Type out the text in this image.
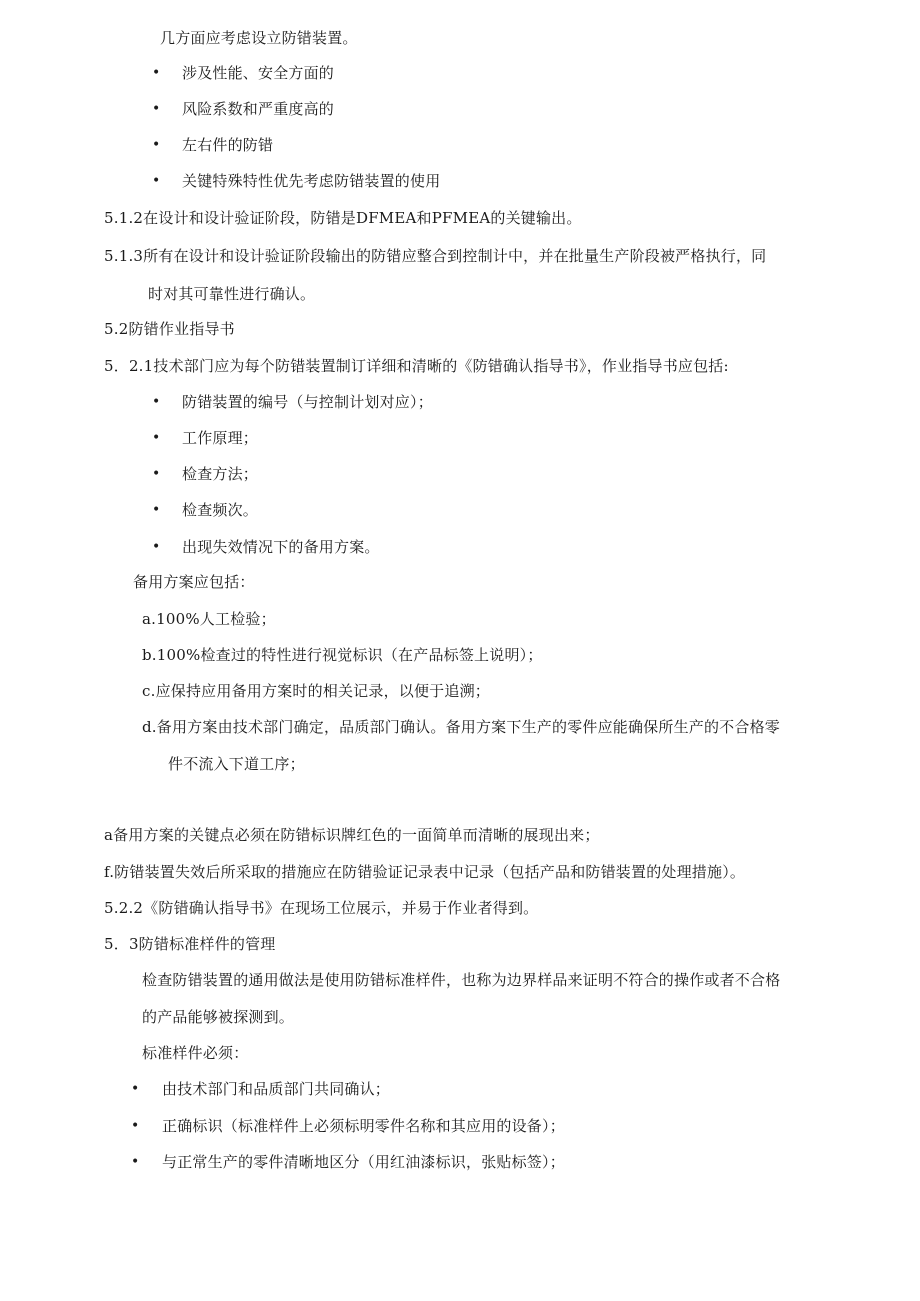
几方面应考虑设立防错装置。
• 涉及性能、安全方面的
• 风险系数和严重度高的
• 左右件的防错
• 关键特殊特性优先考虑防错装置的使用
5.1.2在设计和设计验证阶段，防错是DFMEA和PFMEA的关键输出。
5.1.3所有在设计和设计验证阶段输出的防错应整合到控制计中，并在批量生产阶段被严格执行，同
时对其可靠性进行确认。
5.2防错作业指导书
5．2.1技术部门应为每个防错装置制订详细和清晰的《防错确认指导书》，作业指导书应包括:
• 防错装置的编号（与控制计划对应）；
• 工作原理；
• 检查方法；
• 检查频次。
• 出现失效情况下的备用方案。
备用方案应包括：
a.100%人工检验；
b.100%检查过的特性进行视觉标识（在产品标签上说明）；
c.应保持应用备用方案时的相关记录，以便于追溯；
d.备用方案由技术部门确定，品质部门确认。备用方案下生产的零件应能确保所生产的不合格零
件不流入下道工序；
a备用方案的关键点必须在防错标识牌红色的一面简单而清晰的展现出来；
f.防错装置失效后所采取的措施应在防错验证记录表中记录（包括产品和防错装置的处理措施）。
5.2.2《防错确认指导书》在现场工位展示，并易于作业者得到。
5．3防错标准样件的管理
检查防错装置的通用做法是使用防错标准样件，也称为边界样品来证明不符合的操作或者不合格
的产品能够被探测到。
标准样件必须：
• 由技术部门和品质部门共同确认；
• 正确标识（标准样件上必须标明零件名称和其应用的设备）；
• 与正常生产的零件清晰地区分（用红油漆标识，张贴标签）；
